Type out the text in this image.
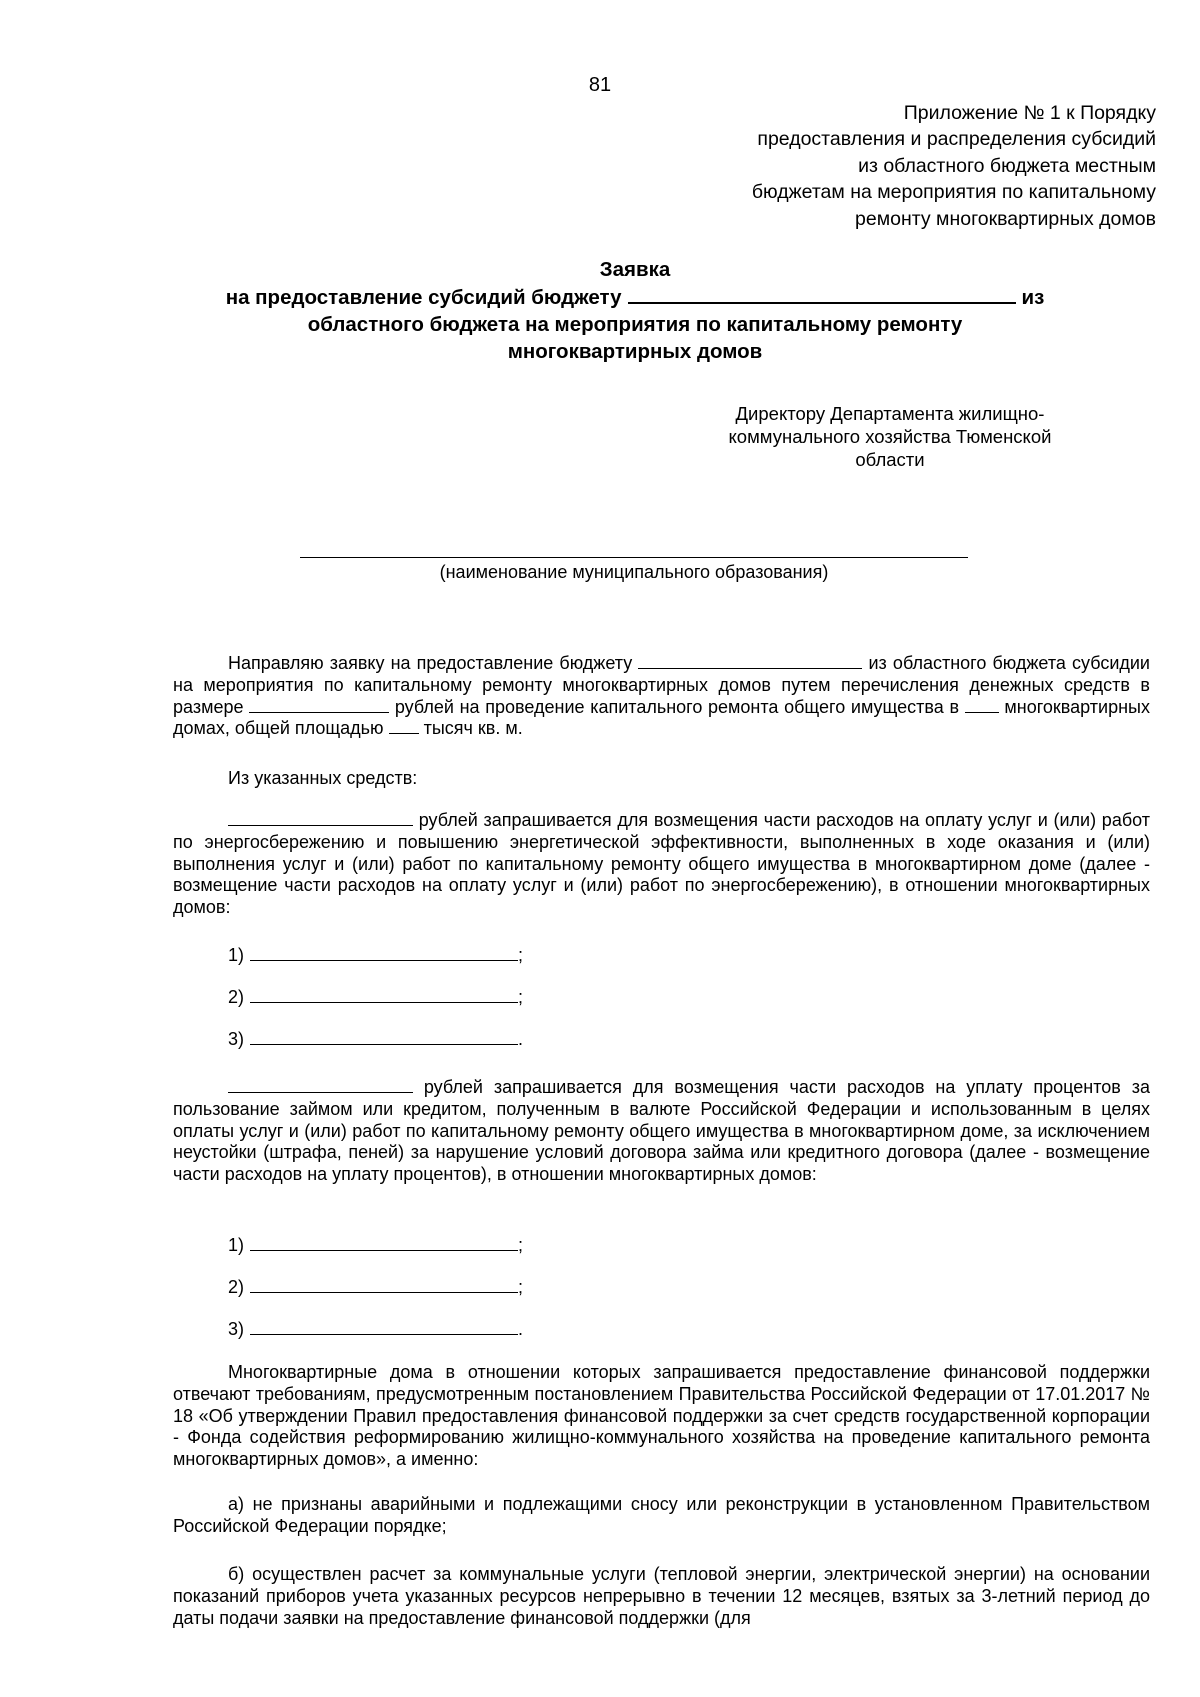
81
Приложение № 1 к Порядку
предоставления и распределения субсидий
из областного бюджета местным
бюджетам на мероприятия по капитальному
ремонту многоквартирных домов
Заявка
на предоставление субсидий бюджету	из
областного бюджета на мероприятия по капитальному ремонту
многоквартирных домов
Директору Департамента жилищно-коммунального хозяйства Тюменской области
(наименование муниципального образования)

Направляю заявку на предоставление бюджету	из областного бюджета субсидии на мероприятия по капитальному ремонту многоквартирных домов путем перечисления денежных средств в размере	рублей на проведение капитального ремонта общего имущества в	многоквартирных домах, общей площадью тысяч кв. м.

Из указанных средств:

рублей запрашивается для возмещения части расходов на оплату услуг и (или) работ по энергосбережению и повышению энергетической эффективности, выполненных в ходе оказания и (или) выполнения услуг и (или) работ по капитальному ремонту общего имущества в многоквартирном доме (далее - возмещение части расходов на оплату услуг и (или) работ по энергосбережению), в отношении многоквартирных домов:

1)	;
2)	;
3)	.

рублей запрашивается для возмещения части расходов на уплату процентов за пользование займом или кредитом, полученным в валюте Российской Федерации и использованным в целях оплаты услуг и (или) работ по капитальному ремонту общего имущества в многоквартирном доме, за исключением неустойки (штрафа, пеней) за нарушение условий договора займа или кредитного договора (далее - возмещение части расходов на уплату процентов), в отношении многоквартирных домов:

1)	;
2)	;
3)	.

Многоквартирные дома в отношении которых запрашивается предоставление финансовой поддержки отвечают требованиям, предусмотренным постановлением Правительства Российской Федерации от 17.01.2017 № 18 «Об утверждении Правил предоставления финансовой поддержки за счет средств государственной корпорации - Фонда содействия реформированию жилищно-коммунального хозяйства на проведение капитального ремонта многоквартирных домов», а именно:

а) не признаны аварийными и подлежащими сносу или реконструкции в установленном Правительством Российской Федерации порядке;

б) осуществлен расчет за коммунальные услуги (тепловой энергии, электрической энергии) на основании показаний приборов учета указанных ресурсов непрерывно в течении 12 месяцев, взятых за 3-летний период до даты подачи заявки на предоставление финансовой поддержки (для
